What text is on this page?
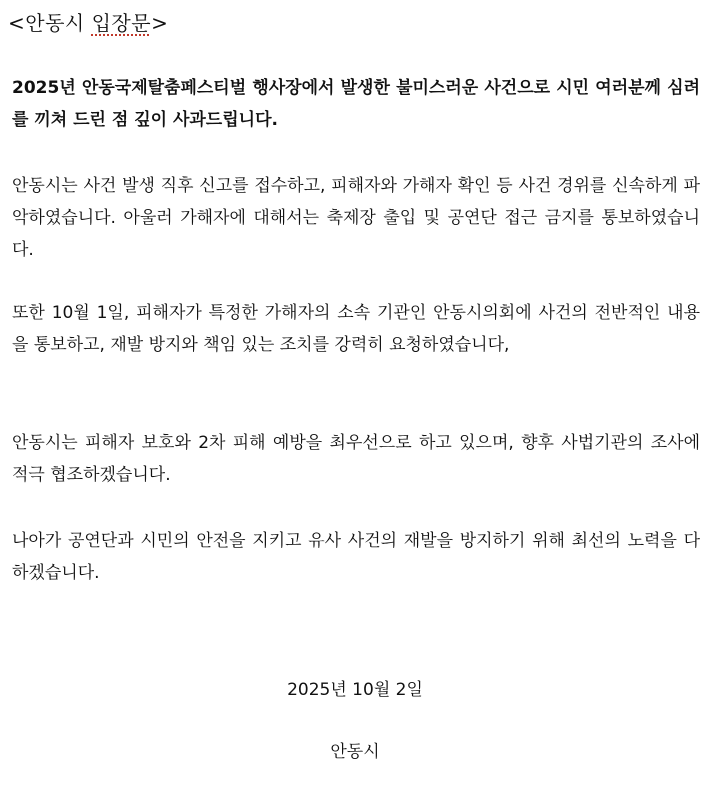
<안동시 입장문>

2025년 안동국제탈춤페스티벌 행사장에서 발생한 불미스러운 사건으로 시민 여러분께 심려를 끼쳐 드린 점 깊이 사과드립니다.

안동시는 사건 발생 직후 신고를 접수하고, 피해자와 가해자 확인 등 사건 경위를 신속하게 파악하였습니다. 아울러 가해자에 대해서는 축제장 출입 및 공연단 접근 금지를 통보하였습니다.

또한 10월 1일, 피해자가 특정한 가해자의 소속 기관인 안동시의회에 사건의 전반적인 내용을 통보하고, 재발 방지와 책임 있는 조치를 강력히 요청하였습니다,

안동시는 피해자 보호와 2차 피해 예방을 최우선으로 하고 있으며, 향후 사법기관의 조사에 적극 협조하겠습니다.

나아가 공연단과 시민의 안전을 지키고 유사 사건의 재발을 방지하기 위해 최선의 노력을 다하겠습니다.

2025년 10월 2일
안동시
